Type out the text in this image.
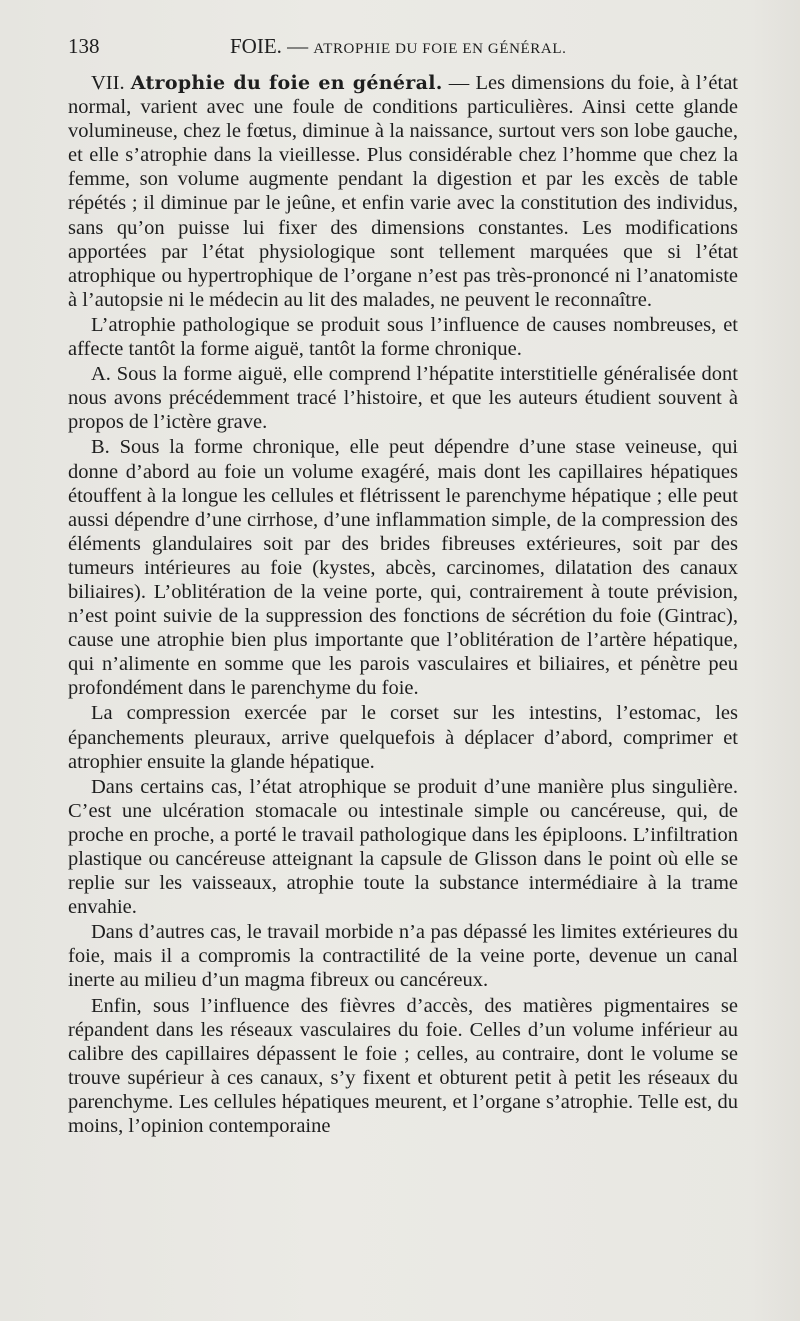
138	FOIE. — ATROPHIE DU FOIE EN GÉNÉRAL.

VII. Atrophie du foie en général. — Les dimensions du foie, à l’état normal, varient avec une foule de conditions particulières. Ainsi cette glande volumineuse, chez le fœtus, diminue à la naissance, surtout vers son lobe gauche, et elle s’atrophie dans la vieillesse. Plus considérable chez l’homme que chez la femme, son volume augmente pendant la digestion et par les excès de table répétés ; il diminue par le jeûne, et enfin varie avec la constitution des individus, sans qu’on puisse lui fixer des dimensions constantes. Les modifications apportées par l’état physiologique sont tellement marquées que si l’état atrophique ou hypertrophique de l’organe n’est pas très-prononcé ni l’anatomiste à l’autopsie ni le médecin au lit des malades, ne peuvent le reconnaître.

L’atrophie pathologique se produit sous l’influence de causes nombreuses, et affecte tantôt la forme aiguë, tantôt la forme chronique.

A. Sous la forme aiguë, elle comprend l’hépatite interstitielle généralisée dont nous avons précédemment tracé l’histoire, et que les auteurs étudient souvent à propos de l’ictère grave.

B. Sous la forme chronique, elle peut dépendre d’une stase veineuse, qui donne d’abord au foie un volume exagéré, mais dont les capillaires hépatiques étouffent à la longue les cellules et flétrissent le parenchyme hépatique ; elle peut aussi dépendre d’une cirrhose, d’une inflammation simple, de la compression des éléments glandulaires soit par des brides fibreuses extérieures, soit par des tumeurs intérieures au foie (kystes, abcès, carcinomes, dilatation des canaux biliaires). L’oblitération de la veine porte, qui, contrairement à toute prévision, n’est point suivie de la suppression des fonctions de sécrétion du foie (Gintrac), cause une atrophie bien plus importante que l’oblitération de l’artère hépatique, qui n’alimente en somme que les parois vasculaires et biliaires, et pénètre peu profondément dans le parenchyme du foie.

La compression exercée par le corset sur les intestins, l’estomac, les épanchements pleuraux, arrive quelquefois à déplacer d’abord, comprimer et atrophier ensuite la glande hépatique.

Dans certains cas, l’état atrophique se produit d’une manière plus singulière. C’est une ulcération stomacale ou intestinale simple ou cancéreuse, qui, de proche en proche, a porté le travail pathologique dans les épiploons. L’infiltration plastique ou cancéreuse atteignant la capsule de Glisson dans le point où elle se replie sur les vaisseaux, atrophie toute la substance intermédiaire à la trame envahie.

Dans d’autres cas, le travail morbide n’a pas dépassé les limites extérieures du foie, mais il a compromis la contractilité de la veine porte, devenue un canal inerte au milieu d’un magma fibreux ou cancéreux.

Enfin, sous l’influence des fièvres d’accès, des matières pigmentaires se répandent dans les réseaux vasculaires du foie. Celles d’un volume inférieur au calibre des capillaires dépassent le foie ; celles, au contraire, dont le volume se trouve supérieur à ces canaux, s’y fixent et obturent petit à petit les réseaux du parenchyme. Les cellules hépatiques meurent, et l’organe s’atrophie. Telle est, du moins, l’opinion contemporaine
